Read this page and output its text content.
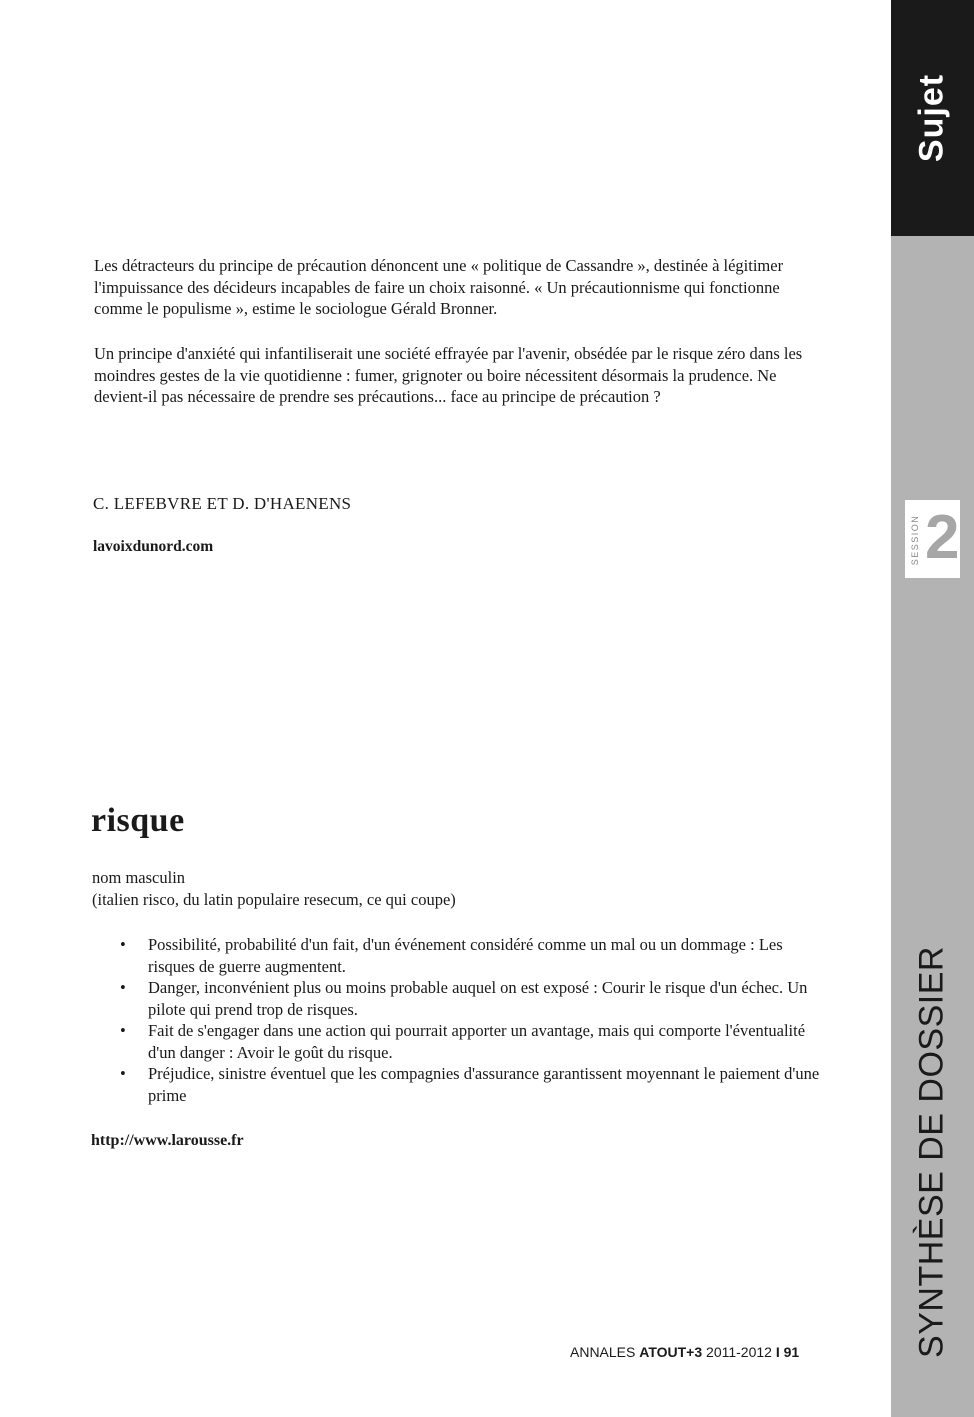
Sujet
SESSION 2
SYNTHÈSE DE DOSSIER

Les détracteurs du principe de précaution dénoncent une « politique de Cassandre », destinée à légitimer l'impuissance des décideurs incapables de faire un choix raisonné. « Un précautionnisme qui fonctionne comme le populisme », estime le sociologue Gérald Bronner.

Un principe d'anxiété qui infantiliserait une société effrayée par l'avenir, obsédée par le risque zéro dans les moindres gestes de la vie quotidienne : fumer, grignoter ou boire nécessitent désormais la prudence. Ne devient-il pas nécessaire de prendre ses précautions... face au principe de précaution ?

C. LEFEBVRE ET D. D'HAENENS
lavoixdunord.com
risque
nom masculin
(italien risco, du latin populaire resecum, ce qui coupe)
• Possibilité, probabilité d'un fait, d'un événement considéré comme un mal ou un dommage : Les risques de guerre augmentent.
• Danger, inconvénient plus ou moins probable auquel on est exposé : Courir le risque d'un échec. Un pilote qui prend trop de risques.
• Fait de s'engager dans une action qui pourrait apporter un avantage, mais qui comporte l'éventualité d'un danger : Avoir le goût du risque.
• Préjudice, sinistre éventuel que les compagnies d'assurance garantissent moyennant le paiement d'une prime
http://www.larousse.fr
ANNALES ATOUT+3 2011-2012 I 91
